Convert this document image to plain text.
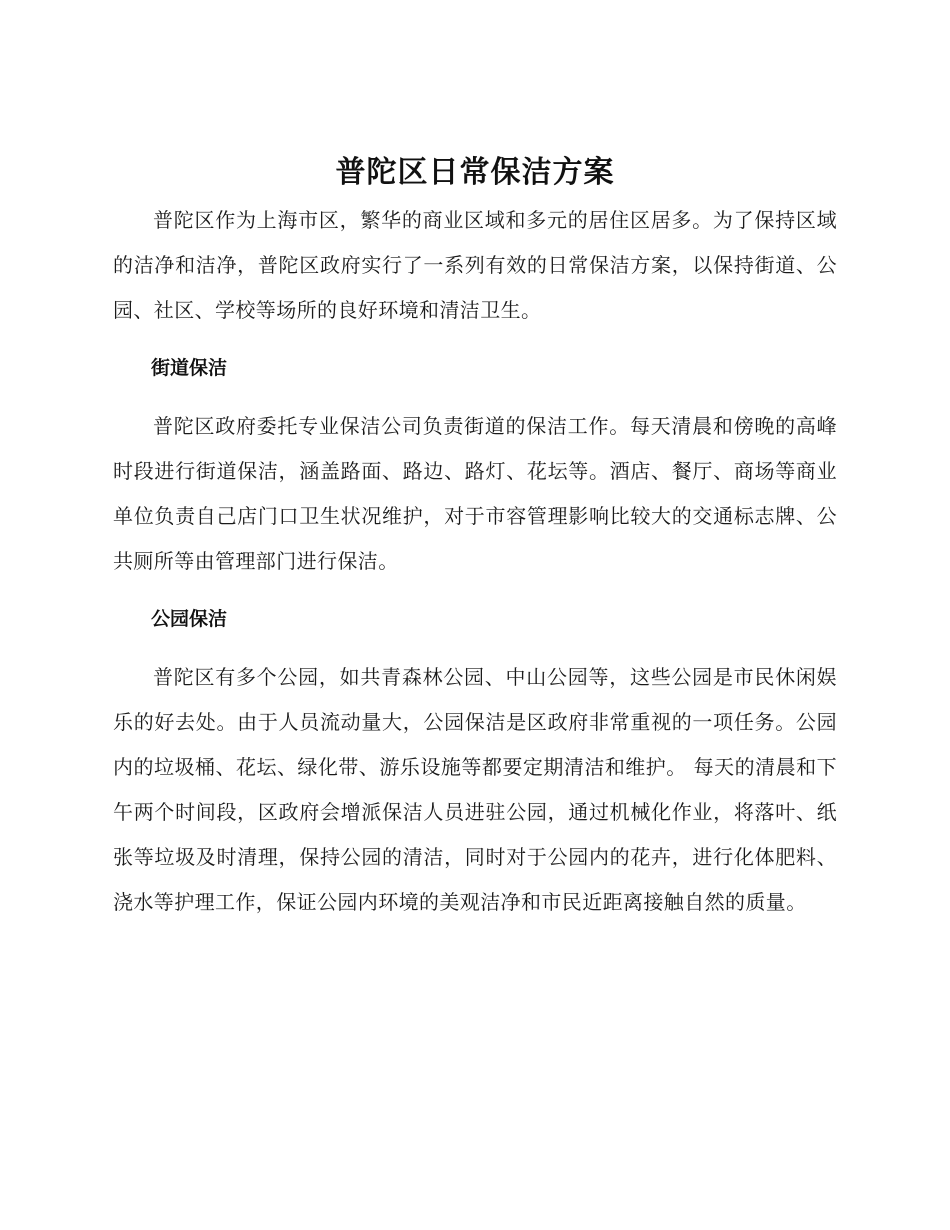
普陀区日常保洁方案

普陀区作为上海市区，繁华的商业区域和多元的居住区居多。为了保持区域的洁净和洁净，普陀区政府实行了一系列有效的日常保洁方案，以保持街道、公园、社区、学校等场所的良好环境和清洁卫生。

街道保洁

普陀区政府委托专业保洁公司负责街道的保洁工作。每天清晨和傍晚的高峰时段进行街道保洁，涵盖路面、路边、路灯、花坛等。酒店、餐厅、商场等商业单位负责自己店门口卫生状况维护，对于市容管理影响比较大的交通标志牌、公共厕所等由管理部门进行保洁。

公园保洁

普陀区有多个公园，如共青森林公园、中山公园等，这些公园是市民休闲娱乐的好去处。由于人员流动量大，公园保洁是区政府非常重视的一项任务。公园内的垃圾桶、花坛、绿化带、游乐设施等都要定期清洁和维护。 每天的清晨和下午两个时间段，区政府会增派保洁人员进驻公园，通过机械化作业，将落叶、纸张等垃圾及时清理，保持公园的清洁，同时对于公园内的花卉，进行化体肥料、浇水等护理工作，保证公园内环境的美观洁净和市民近距离接触自然的质量。
